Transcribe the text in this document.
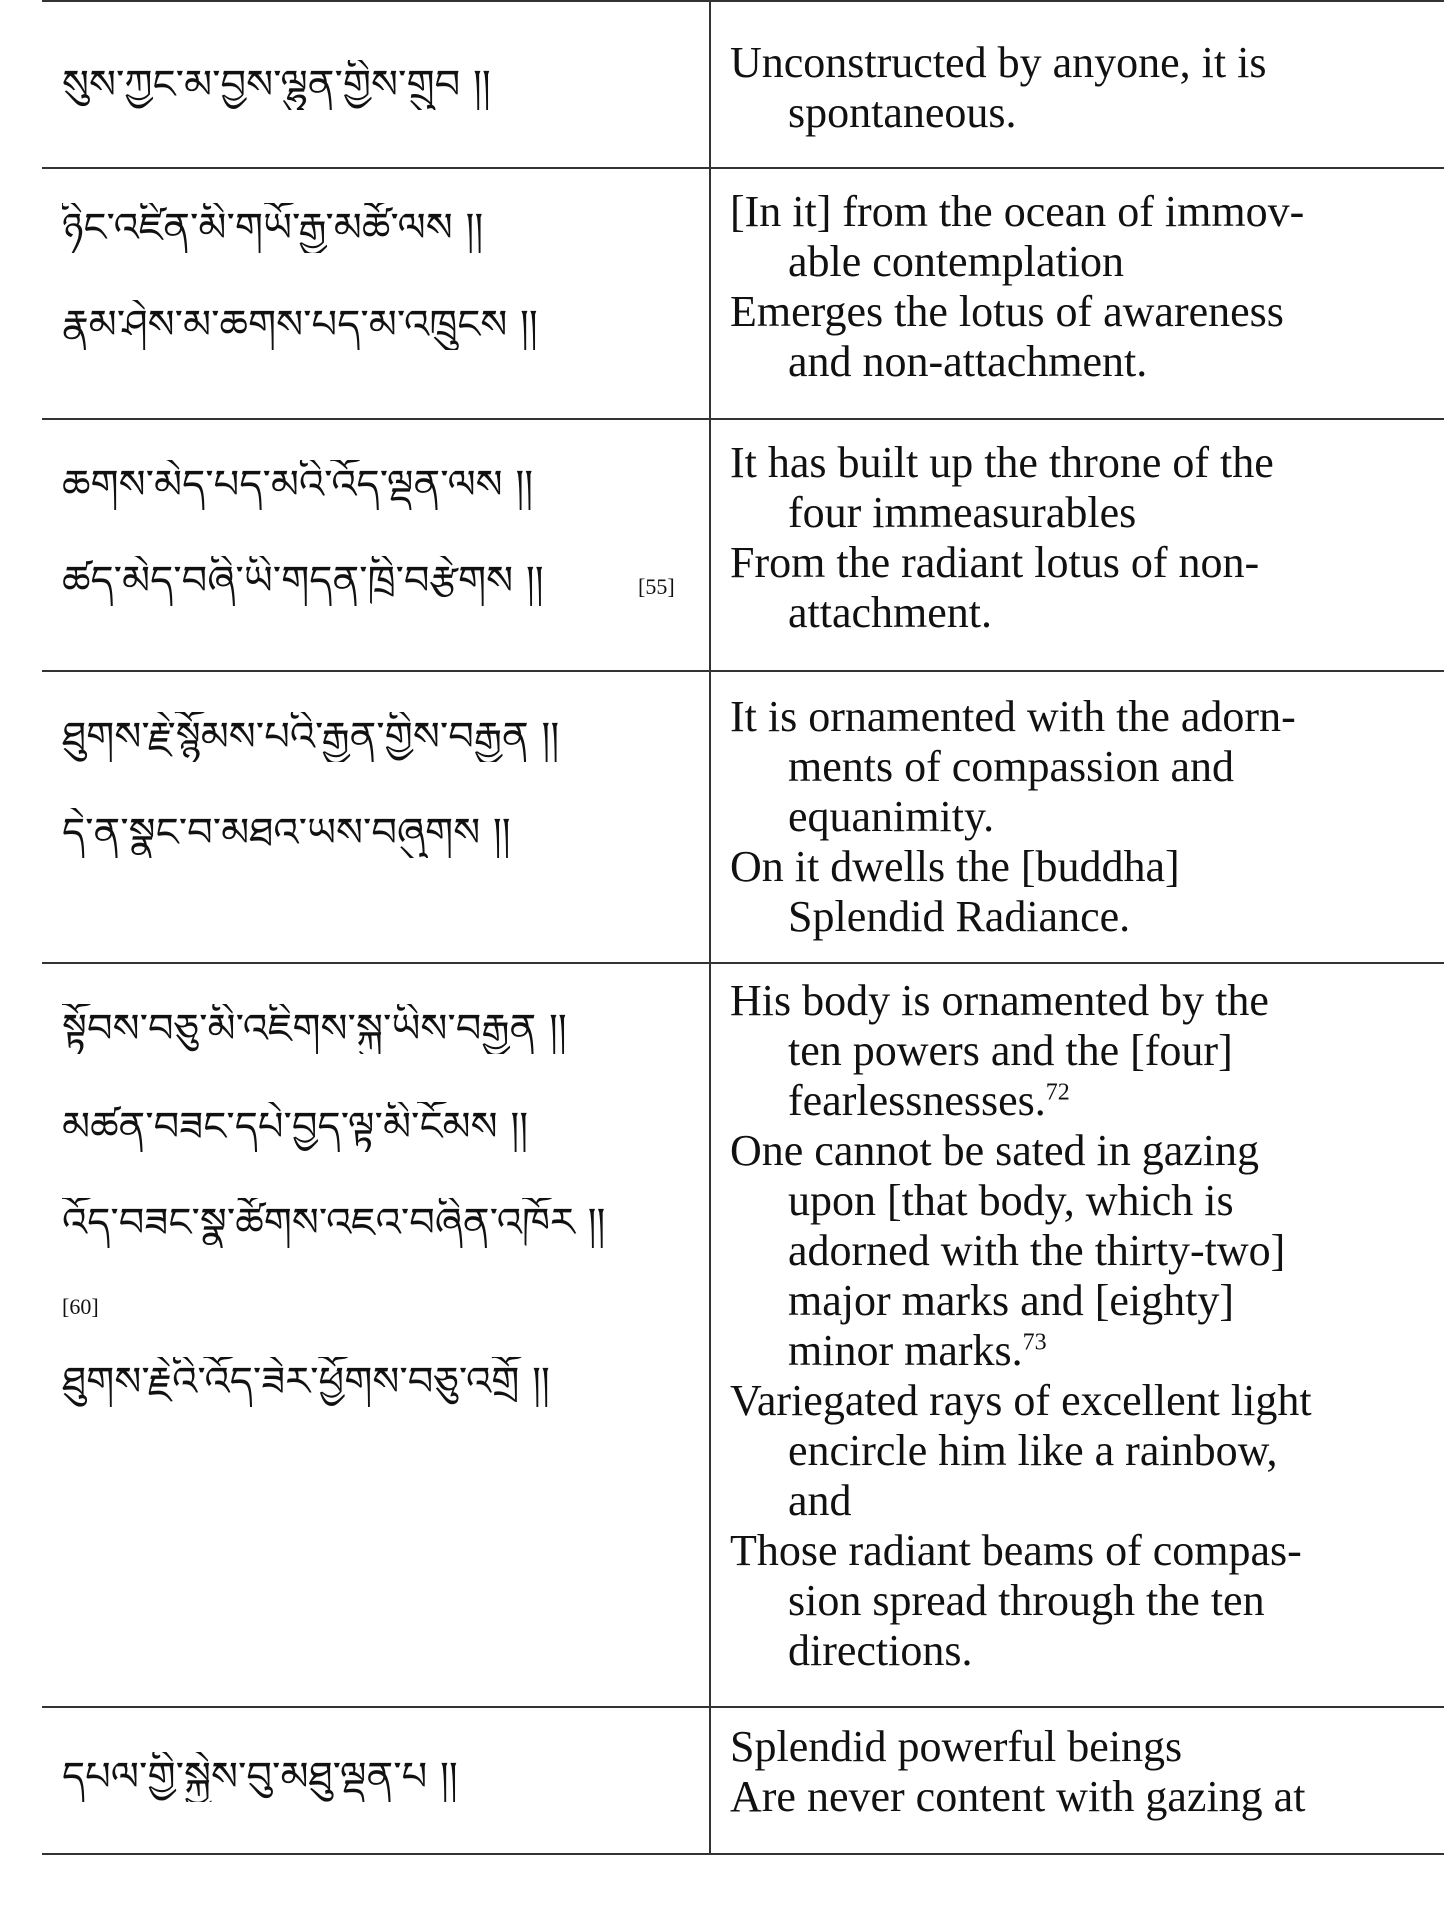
སུས་ཀྱང་མ་བྱས་ལྷུན་གྱིས་གྲུབ །།	Unconstructed by anyone, it is
spontaneous.
ཉིང་འཛིན་མི་གཡོ་རྒྱ་མཚོ་ལས །།
རྣམ་ཤེས་མ་ཆགས་པད་མ་འཁྲུངས །།
[In it] from the ocean of immov-
able contemplation
Emerges the lotus of awareness
and non-attachment.
ཆགས་མེད་པད་མའི་འོད་ལྡན་ལས །།
ཚད་མེད་བཞི་ཡི་གདན་ཁྲི་བརྩེགས །།	[55]
It has built up the throne of the
four immeasurables
From the radiant lotus of non-
attachment.
ཐུགས་རྗེ་སྙོམས་པའི་རྒྱན་གྱིས་བརྒྱན །།
དེ་ན་སྣང་བ་མཐའ་ཡས་བཞུགས །།
It is ornamented with the adorn-
ments of compassion and
equanimity.
On it dwells the [buddha]
Splendid Radiance.
སྟོབས་བཅུ་མི་འཇིགས་སྐུ་ཡིས་བརྒྱན །།
མཚན་བཟང་དཔེ་བྱད་ལྟ་མི་ངོམས །།
འོད་བཟང་སྣ་ཚོགས་འཇའ་བཞིན་འཁོར །།
[60]
ཐུགས་རྗེའི་འོད་ཟེར་ཕྱོགས་བཅུ་འགྲོ །།
His body is ornamented by the
ten powers and the [four]
fearlessnesses.$^{72}$
One cannot be sated in gazing
upon [that body, which is
adorned with the thirty-two]
major marks and [eighty]
minor marks.$^{73}$
Variegated rays of excellent light
encircle him like a rainbow,
and
Those radiant beams of compas-
sion spread through the ten
directions.
དཔལ་གྱི་སྐྱེས་བུ་མཐུ་ལྡན་པ །།
Splendid powerful beings
Are never content with gazing at
